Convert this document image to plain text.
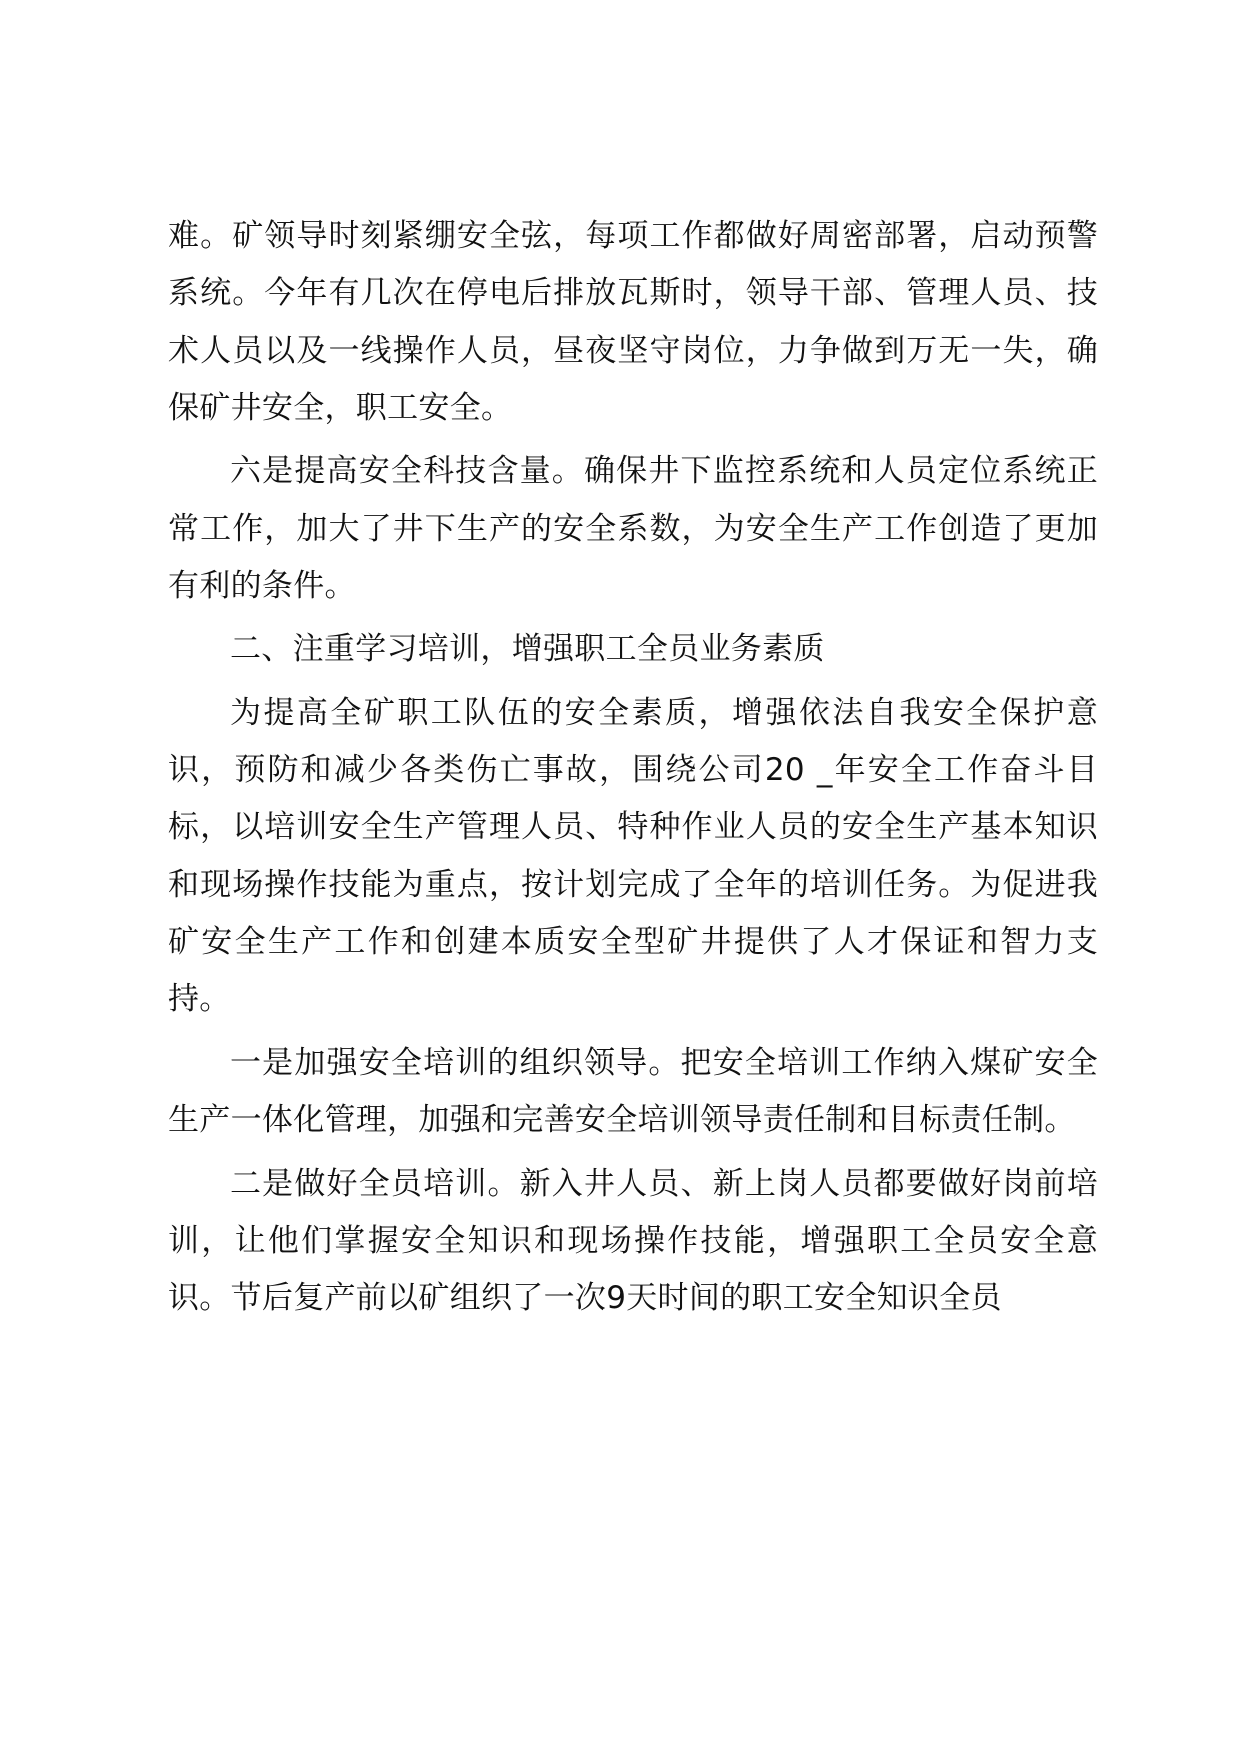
难。矿领导时刻紧绷安全弦，每项工作都做好周密部署，启动预警系统。今年有几次在停电后排放瓦斯时，领导干部、管理人员、技术人员以及一线操作人员，昼夜坚守岗位，力争做到万无一失，确保矿井安全，职工安全。

六是提高安全科技含量。确保井下监控系统和人员定位系统正常工作，加大了井下生产的安全系数，为安全生产工作创造了更加有利的条件。

二、注重学习培训，增强职工全员业务素质

为提高全矿职工队伍的安全素质，增强依法自我安全保护意识，预防和减少各类伤亡事故，围绕公司20 _年安全工作奋斗目标，以培训安全生产管理人员、特种作业人员的安全生产基本知识和现场操作技能为重点，按计划完成了全年的培训任务。为促进我矿安全生产工作和创建本质安全型矿井提供了人才保证和智力支持。

一是加强安全培训的组织领导。把安全培训工作纳入煤矿安全生产一体化管理，加强和完善安全培训领导责任制和目标责任制。

二是做好全员培训。新入井人员、新上岗人员都要做好岗前培训，让他们掌握安全知识和现场操作技能，增强职工全员安全意识。节后复产前以矿组织了一次9天时间的职工安全知识全员
